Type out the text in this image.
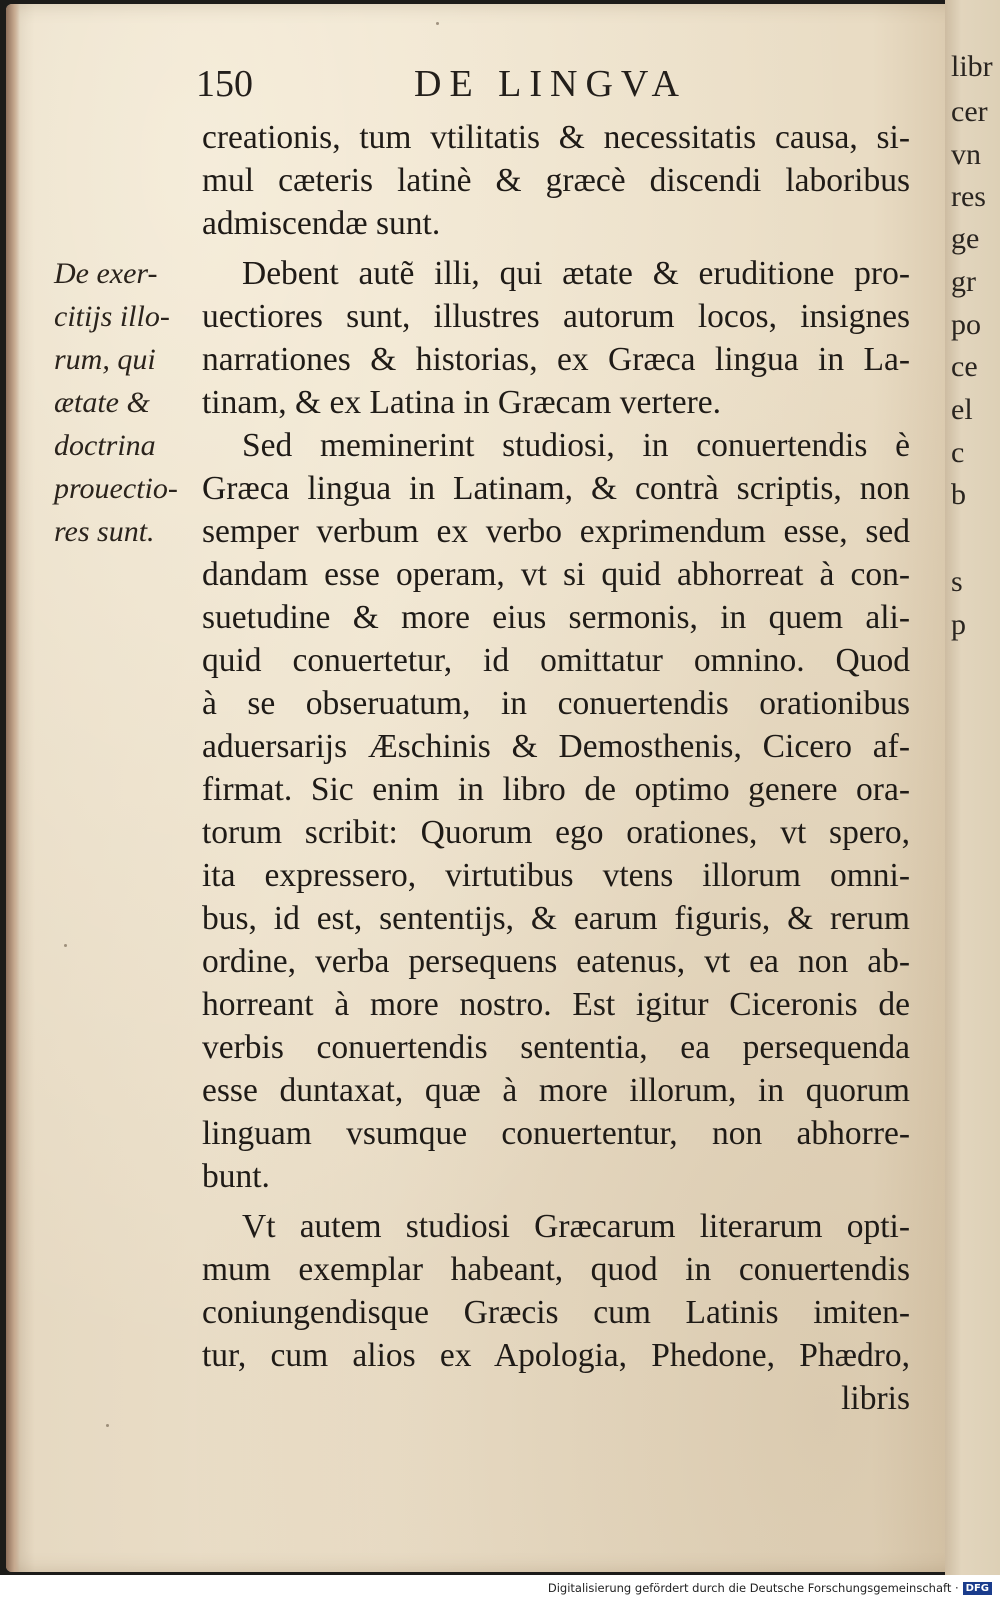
150	DE LINGVA
De exer-
citijs illo-
rum, qui
ætate &
doctrina
prouectio-
res sunt.
creationis, tum vtilitatis & necessitatis causa, si-
mul cæteris latinè & græcè discendi laboribus
admiscendæ sunt.
Debent autẽ illi, qui ætate & eruditione pro-
uectiores sunt, illustres autorum locos, insignes
narrationes & historias, ex Græca lingua in La-
tinam, & ex Latina in Græcam vertere.
Sed meminerint studiosi, in conuertendis è
Græca lingua in Latinam, & contrà scriptis, non
semper verbum ex verbo exprimendum esse, sed
dandam esse operam, vt si quid abhorreat à con-
suetudine & more eius sermonis, in quem ali-
quid conuertetur, id omittatur omnino. Quod
à se obseruatum, in conuertendis orationibus
aduersarijs Æschinis & Demosthenis, Cicero af-
firmat. Sic enim in libro de optimo genere ora-
torum scribit: Quorum ego orationes, vt spero,
ita expressero, virtutibus vtens illorum omni-
bus, id est, sententijs, & earum figuris, & rerum
ordine, verba persequens eatenus, vt ea non ab-
horreant à more nostro. Est igitur Ciceronis de
verbis conuertendis sententia, ea persequenda
esse duntaxat, quæ à more illorum, in quorum
linguam vsumque conuertentur, non abhorre-
bunt.
Vt autem studiosi Græcarum literarum opti-
mum exemplar habeant, quod in conuertendis
coniungendisque Græcis cum Latinis imiten-
tur, cum alios ex Apologia, Phedone, Phædro,
libris
libr
cer
vn
res
ge
gr
po
ce
el
c
b
s
p
Digitalisierung gefördert durch die Deutsche Forschungsgemeinschaft · DFG
